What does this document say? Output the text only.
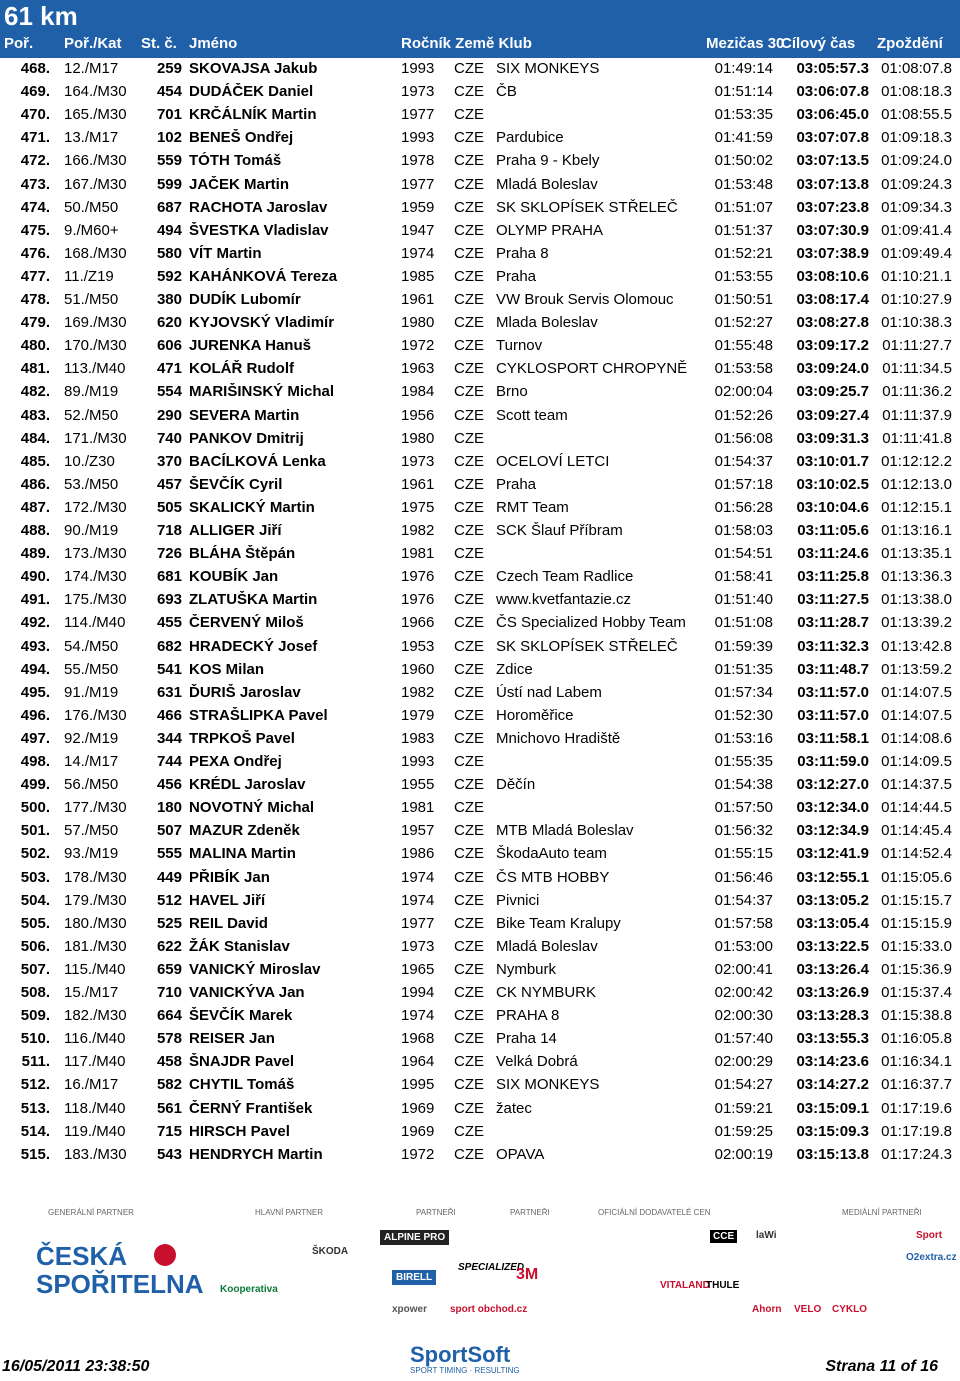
61 km
Poř. Poř./Kat St. č. Jméno	Ročník Země Klub	Mezičas 30
Cílový čas Zpoždění
468. 12./M17	259 SKOVAJSA Jakub	1993	CZE SIX MONKEYS	01:49:14	03:05:57.3 01:08:07.8
469. 164./M30	454 DUDÁČEK Daniel	1973	CZE ČB	01:51:14	03:06:07.8 01:08:18.3
470. 165./M30	701 KRČÁLNÍK Martin	1977	CZE	01:53:35	03:06:45.0 01:08:55.5
471. 13./M17	102 BENEŠ Ondřej	1993	CZE Pardubice	01:41:59	03:07:07.8 01:09:18.3
472. 166./M30	559 TÓTH Tomáš	1978	CZE Praha 9 - Kbely	01:50:02	03:07:13.5 01:09:24.0
473. 167./M30	599 JAČEK Martin	1977	CZE Mladá Boleslav	01:53:48	03:07:13.8 01:09:24.3
474. 50./M50	687 RACHOTA Jaroslav	1959	CZE SK SKLOPÍSEK STŘELEČ	01:51:07	03:07:23.8 01:09:34.3
475. 9./M60+	494 ŠVESTKA Vladislav	1947	CZE OLYMP PRAHA	01:51:37	03:07:30.9 01:09:41.4
476. 168./M30	580 VÍT Martin	1974	CZE Praha 8	01:52:21	03:07:38.9 01:09:49.4
477. 11./Z19	592 KAHÁNKOVÁ Tereza	1985	CZE Praha	01:53:55	03:08:10.6 01:10:21.1
478. 51./M50	380 DUDÍK Lubomír	1961	CZE VW Brouk Servis Olomouc	01:50:51	03:08:17.4 01:10:27.9
479. 169./M30	620 KYJOVSKÝ Vladimír	1980	CZE Mlada Boleslav	01:52:27	03:08:27.8 01:10:38.3
480. 170./M30	606 JURENKA Hanuš	1972	CZE Turnov	01:55:48	03:09:17.2 01:11:27.7
481. 113./M40	471 KOLÁŘ Rudolf	1963	CZE CYKLOSPORT CHROPYNĚ	01:53:58	03:09:24.0 01:11:34.5
482. 89./M19	554 MARIŠINSKÝ Michal	1984	CZE Brno	02:00:04	03:09:25.7 01:11:36.2
483. 52./M50	290 SEVERA Martin	1956	CZE Scott team	01:52:26	03:09:27.4 01:11:37.9
484. 171./M30	740 PANKOV Dmitrij	1980	CZE	01:56:08	03:09:31.3 01:11:41.8
485. 10./Z30	370 BACÍLKOVÁ Lenka	1973	CZE OCELOVÍ LETCI	01:54:37	03:10:01.7 01:12:12.2
486. 53./M50	457 ŠEVČÍK Cyril	1961	CZE Praha	01:57:18	03:10:02.5 01:12:13.0
487. 172./M30	505 SKALICKÝ Martin	1975	CZE RMT Team	01:56:28	03:10:04.6 01:12:15.1
488. 90./M19	718 ALLIGER Jiří	1982	CZE SCK Šlauf Příbram	01:58:03	03:11:05.6 01:13:16.1
489. 173./M30	726 BLÁHA Štěpán	1981	CZE	01:54:51	03:11:24.6 01:13:35.1
490. 174./M30	681 KOUBÍK Jan	1976	CZE Czech Team Radlice	01:58:41	03:11:25.8 01:13:36.3
491. 175./M30	693 ZLATUŠKA Martin	1976	CZE www.kvetfantazie.cz	01:51:40	03:11:27.5 01:13:38.0
492. 114./M40	455 ČERVENÝ Miloš	1966	CZE ČS Specialized Hobby Team	01:51:08	03:11:28.7 01:13:39.2
493. 54./M50	682 HRADECKÝ Josef	1953	CZE SK SKLOPÍSEK STŘELEČ	01:59:39	03:11:32.3 01:13:42.8
494. 55./M50	541 KOS Milan	1960	CZE Zdice	01:51:35	03:11:48.7 01:13:59.2
495. 91./M19	631 ĎURIŠ Jaroslav	1982	CZE Ústí nad Labem	01:57:34	03:11:57.0 01:14:07.5
496. 176./M30	466 STRAŠLIPKA Pavel	1979	CZE Horoměřice	01:52:30	03:11:57.0 01:14:07.5
497. 92./M19	344 TRPKOŠ Pavel	1983	CZE Mnichovo Hradiště	01:53:16	03:11:58.1 01:14:08.6
498. 14./M17	744 PEXA Ondřej	1993	CZE	01:55:35	03:11:59.0 01:14:09.5
499. 56./M50	456 KRÉDL Jaroslav	1955	CZE Děčín	01:54:38	03:12:27.0 01:14:37.5
500. 177./M30	180 NOVOTNÝ Michal	1981	CZE	01:57:50	03:12:34.0 01:14:44.5
501. 57./M50	507 MAZUR Zdeněk	1957	CZE MTB Mladá Boleslav	01:56:32	03:12:34.9 01:14:45.4
502. 93./M19	555 MALINA Martin	1986	CZE ŠkodaAuto team	01:55:15	03:12:41.9 01:14:52.4
503. 178./M30	449 PŘIBÍK Jan	1974	CZE ČS MTB HOBBY	01:56:46	03:12:55.1 01:15:05.6
504. 179./M30	512 HAVEL Jiří	1974	CZE Pivnici	01:54:37	03:13:05.2 01:15:15.7
505. 180./M30	525 REIL David	1977	CZE Bike Team Kralupy	01:57:58	03:13:05.4 01:15:15.9
506. 181./M30	622 ŽÁK Stanislav	1973	CZE Mladá Boleslav	01:53:00	03:13:22.5 01:15:33.0
507. 115./M40	659 VANICKÝ Miroslav	1965	CZE Nymburk	02:00:41	03:13:26.4 01:15:36.9
508. 15./M17	710 VANICKÝVA Jan	1994	CZE CK NYMBURK	02:00:42	03:13:26.9 01:15:37.4
509. 182./M30	664 ŠEVČÍK Marek	1974	CZE PRAHA 8	02:00:30	03:13:28.3 01:15:38.8
510. 116./M40	578 REISER Jan	1968	CZE Praha 14	01:57:40	03:13:55.3 01:16:05.8
511. 117./M40	458 ŠNAJDR Pavel	1964	CZE Velká Dobrá	02:00:29	03:14:23.6 01:16:34.1
512. 16./M17	582 CHYTIL Tomáš	1995	CZE SIX MONKEYS	01:54:27	03:14:27.2 01:16:37.7
513. 118./M40	561 ČERNÝ František	1969	CZE žatec	01:59:21	03:15:09.1 01:17:19.6
514. 119./M40	715 HIRSCH Pavel	1969	CZE	01:59:25	03:15:09.3 01:17:19.8
515. 183./M30	543 HENDRYCH Martin	1972	CZE OPAVA	02:00:19	03:15:13.8 01:17:24.3
GENERÁLNÍ PARTNER	HLAVNÍ PARTNER	PARTNEŘI	PARTNEŘI	OFICIÁLNÍ DODAVATELÉ CEN	MEDIÁLNÍ PARTNEŘI
ČESKÁ SPOŘITELNA Kooperativa
ŠKODA
ALPINE PRO
BIRELL
SPECIALIZED
3M
xpower sport obchod.cz
CCE
VITALAND
THULE
laWi
Ahorn
Sport
O2extra.cz
VELO CYKLO
16/05/2011 23:38:50	SportSoft
SPORT TIMING · RESULTING	Strana 11 of 16
